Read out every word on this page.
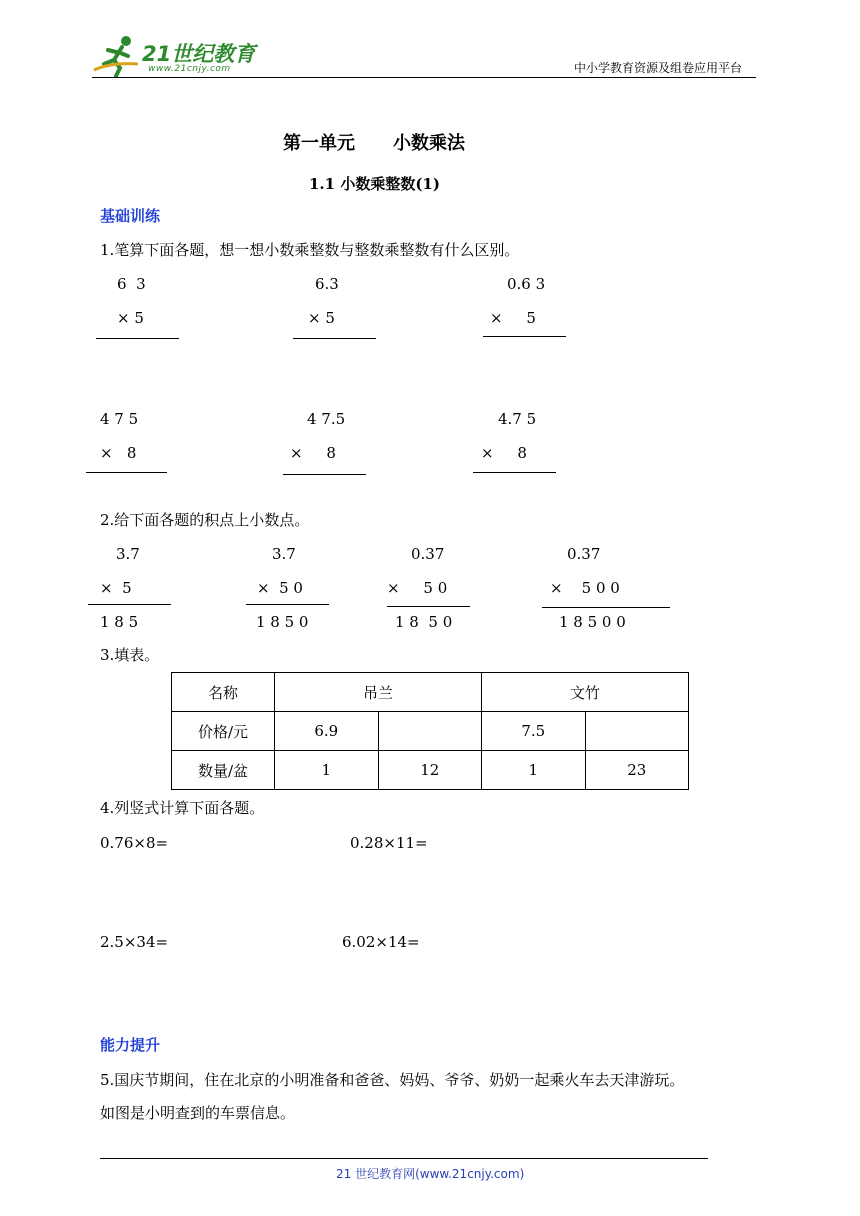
21世纪教育
www.21cnjy.com	中小学教育资源及组卷应用平台
第一单元 小数乘法
1.1 小数乘整数(1)
基础训练
1.笔算下面各题，想一想小数乘整数与整数乘整数有什么区别。
6  3
× 5
6.3
× 5
0.6 3
×     5
4 7 5
×   8
4 7.5
×     8
4.7 5
×     8
2.给下面各题的积点上小数点。
3.7
×  5
1 8 5
3.7
×  5 0
1 8 5 0
0.37
×     5 0
1 8  5 0
0.37
×    5 0 0
1 8 5 0 0
3.填表。
名称	吊兰		文竹	
价格/元	6.9		7.5	
数量/盆	1	12	1	23
4.列竖式计算下面各题。
0.76×8=	0.28×11=
2.5×34=	6.02×14=
能力提升
5.国庆节期间，住在北京的小明准备和爸爸、妈妈、爷爷、奶奶一起乘火车去天津游玩。
如图是小明查到的车票信息。
21 世纪教育网(www.21cnjy.com)
